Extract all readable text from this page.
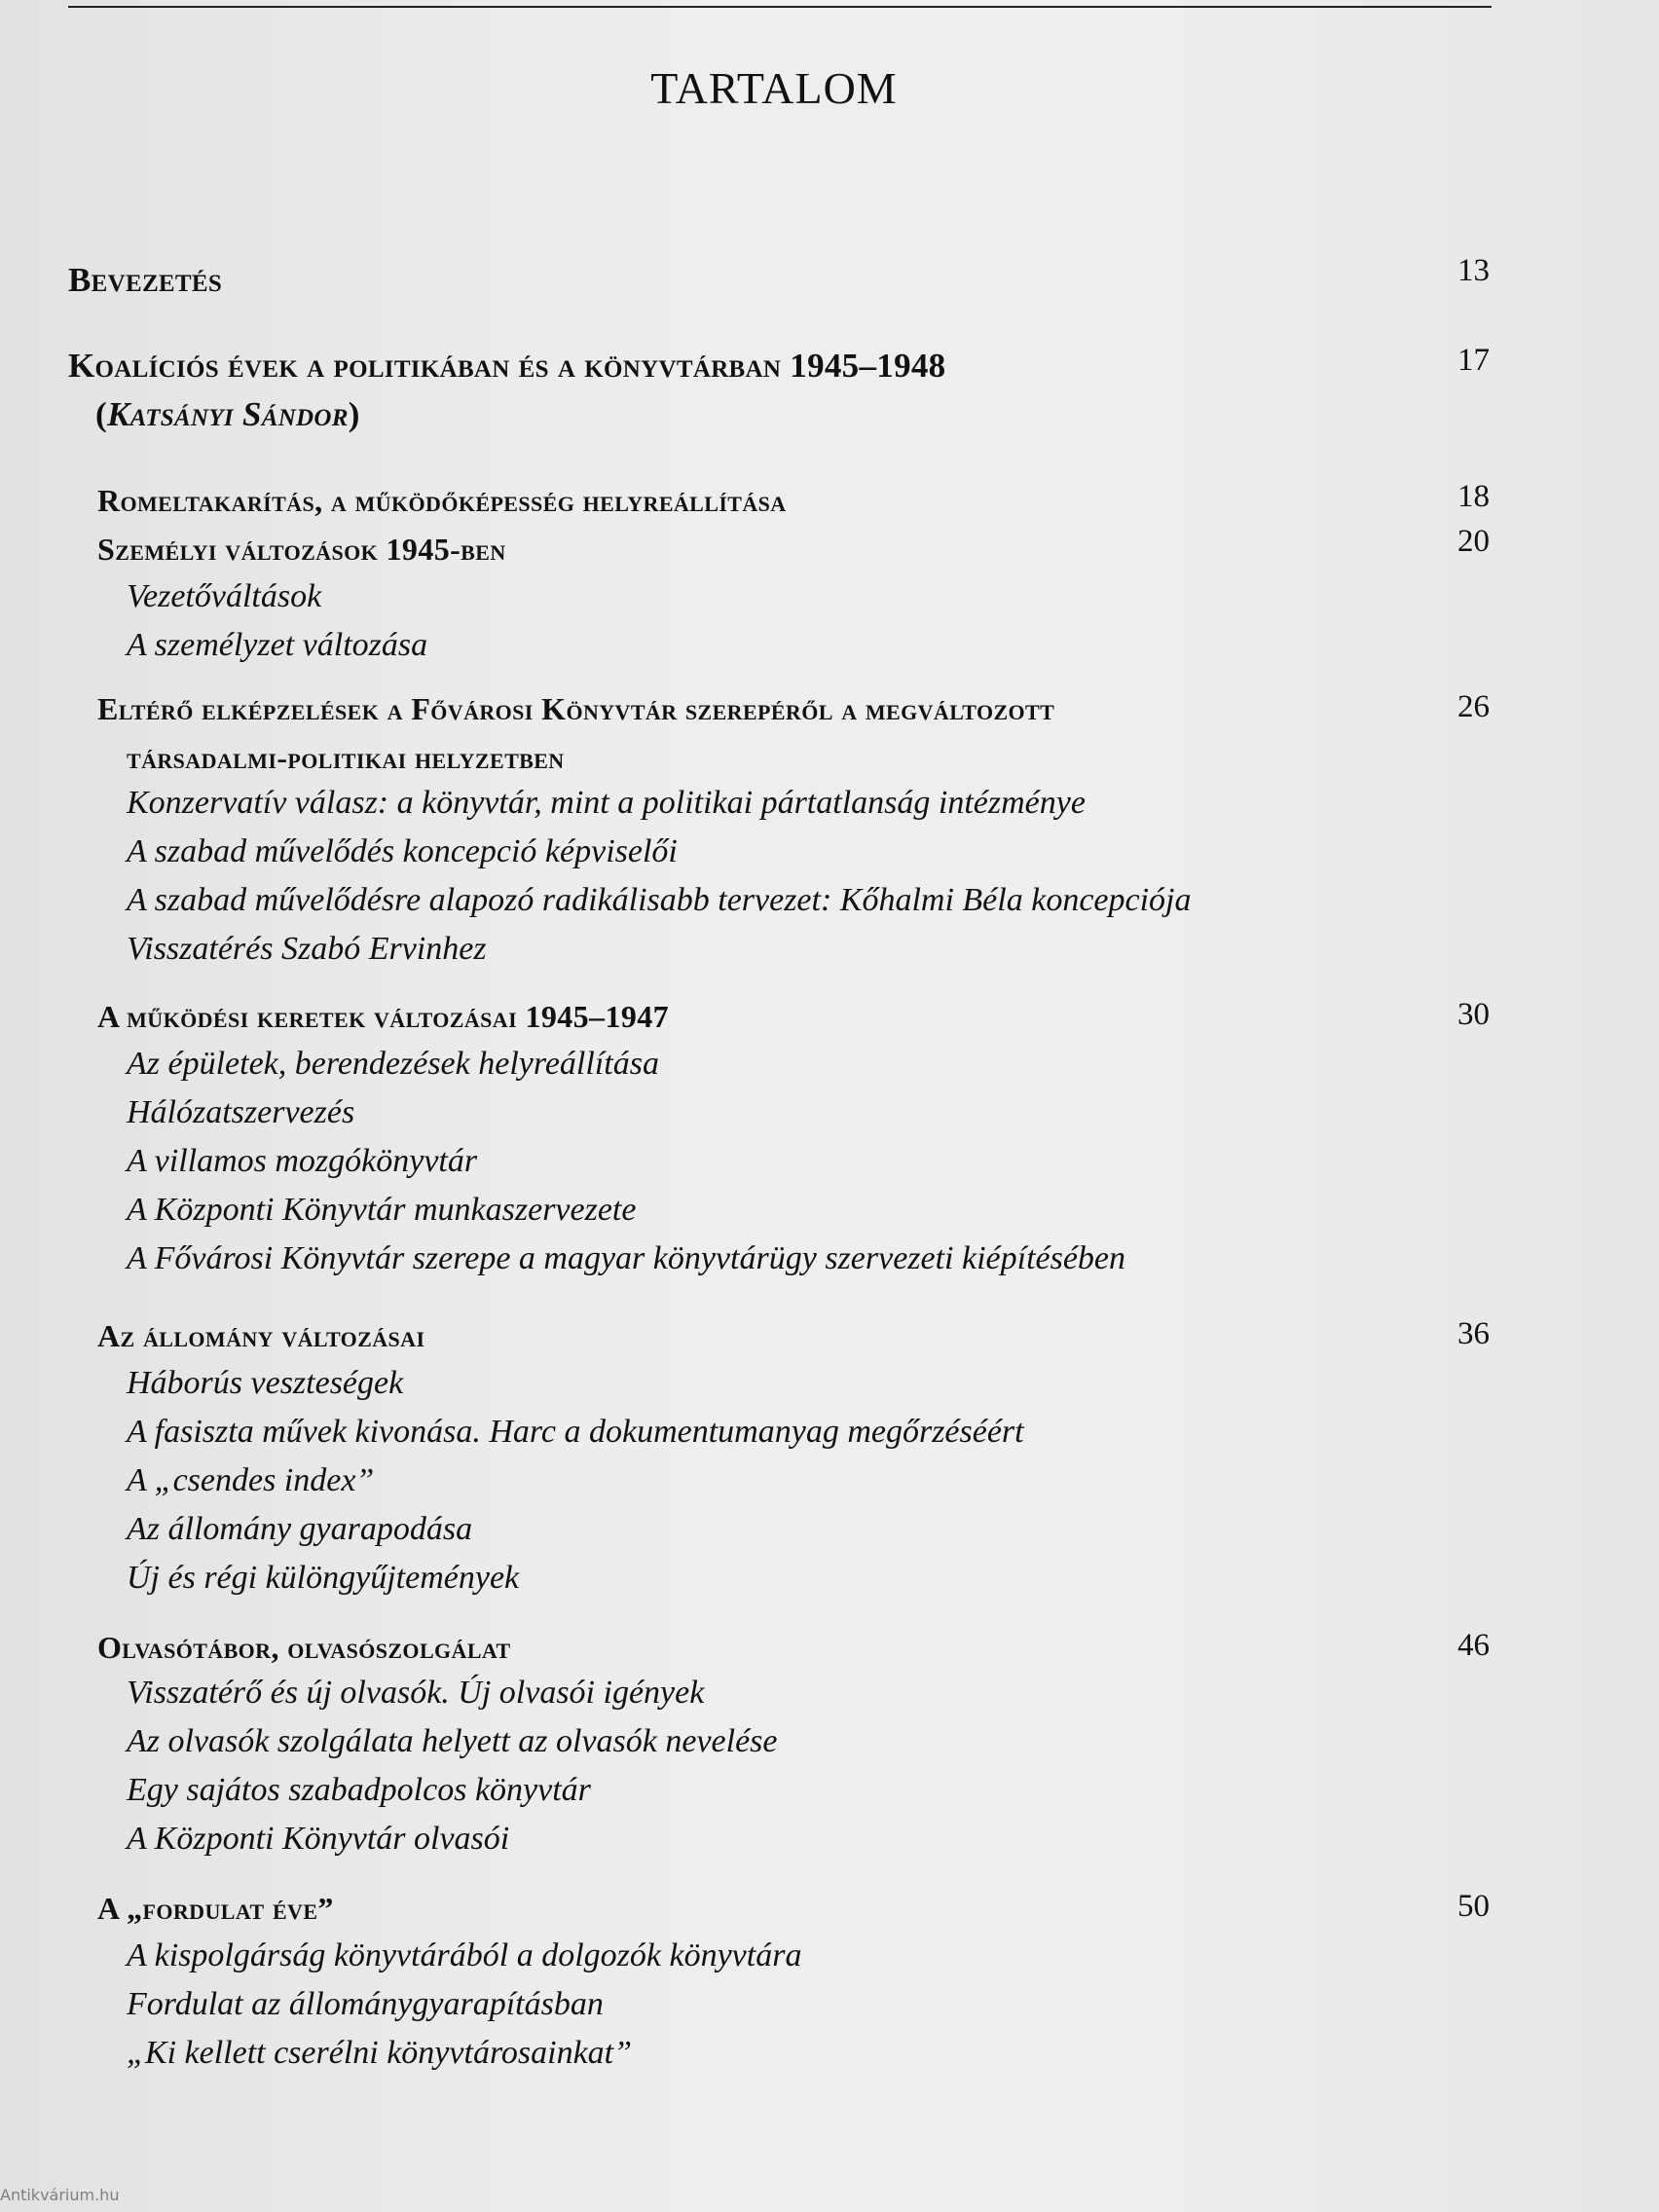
TARTALOM
Bevezetés	13
Koalíciós évek a politikában és a könyvtárban 1945–1948	17
(Katsányi Sándor)
Romeltakarítás, a működőképesség helyreállítása	18
Személyi változások 1945-ben	20
Vezetőváltások
A személyzet változása
Eltérő elképzelések a Fővárosi Könyvtár szerepéről a megváltozott	26
társadalmi-politikai helyzetben
Konzervatív válasz: a könyvtár, mint a politikai pártatlanság intézménye
A szabad művelődés koncepció képviselői
A szabad művelődésre alapozó radikálisabb tervezet: Kőhalmi Béla koncepciója
Visszatérés Szabó Ervinhez
A működési keretek változásai 1945–1947	30
Az épületek, berendezések helyreállítása
Hálózatszervezés
A villamos mozgókönyvtár
A Központi Könyvtár munkaszervezete
A Fővárosi Könyvtár szerepe a magyar könyvtárügy szervezeti kiépítésében
Az állomány változásai	36
Háborús veszteségek
A fasiszta művek kivonása. Harc a dokumentumanyag megőrzéséért
A „csendes index”
Az állomány gyarapodása
Új és régi különgyűjtemények
Olvasótábor, olvasószolgálat	46
Visszatérő és új olvasók. Új olvasói igények
Az olvasók szolgálata helyett az olvasók nevelése
Egy sajátos szabadpolcos könyvtár
A Központi Könyvtár olvasói
A „fordulat éve”	50
A kispolgárság könyvtárából a dolgozók könyvtára
Fordulat az állománygyarapításban
„Ki kellett cserélni könyvtárosainkat”
Antikvárium.hu
